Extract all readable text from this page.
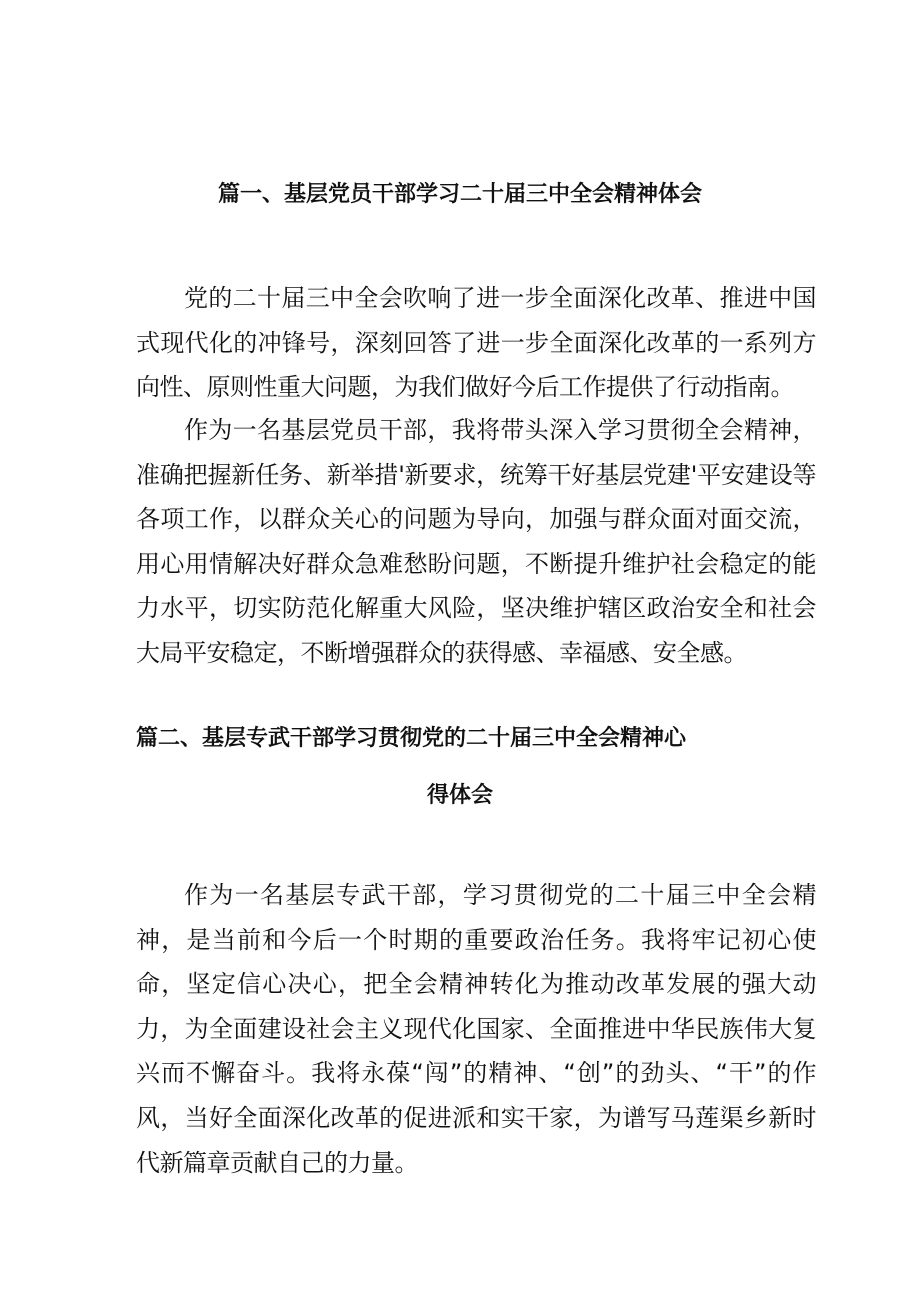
篇一、基层党员干部学习二十届三中全会精神体会

党的二十届三中全会吹响了进一步全面深化改革、推进中国式现代化的冲锋号，深刻回答了进一步全面深化改革的一系列方向性、原则性重大问题，为我们做好今后工作提供了行动指南。

作为一名基层党员干部，我将带头深入学习贯彻全会精神，准确把握新任务、新举措'新要求，统筹干好基层党建'平安建设等各项工作，以群众关心的问题为导向，加强与群众面对面交流，用心用情解决好群众急难愁盼问题，不断提升维护社会稳定的能力水平，切实防范化解重大风险，坚决维护辖区政治安全和社会大局平安稳定，不断增强群众的获得感、幸福感、安全感。

篇二、基层专武干部学习贯彻党的二十届三中全会精神心
得体会

作为一名基层专武干部，学习贯彻党的二十届三中全会精神，是当前和今后一个时期的重要政治任务。我将牢记初心使命，坚定信心决心，把全会精神转化为推动改革发展的强大动力，为全面建设社会主义现代化国家、全面推进中华民族伟大复兴而不懈奋斗。我将永葆“闯”的精神、“创”的劲头、“干”的作风，当好全面深化改革的促进派和实干家，为谱写马莲渠乡新时代新篇章贡献自己的力量。
